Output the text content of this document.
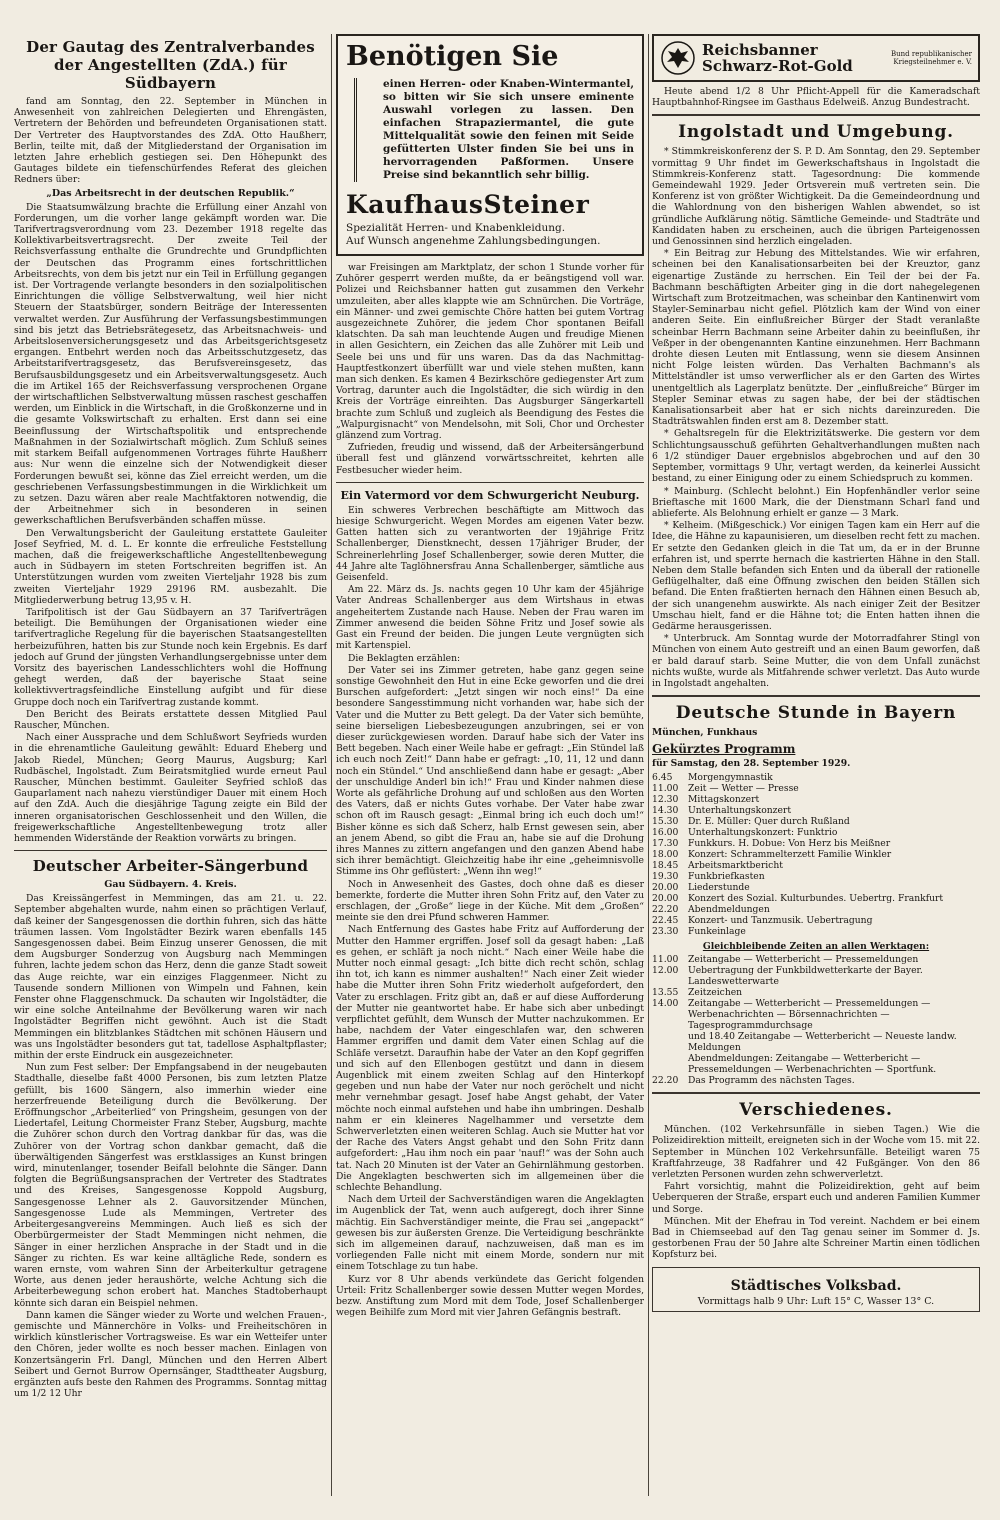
Der Gautag des Zentralverbandes der Angestellten (ZdA.) für Südbayern

fand am Sonntag, den 22. September in München in Anwesenheit von zahlreichen Delegierten und Ehrengästen, Vertretern der Behörden und befreundeten Organisationen statt. Der Vertreter des Hauptvorstandes des ZdA. Otto Haußherr, Berlin, teilte mit, daß der Mitgliederstand der Organisation im letzten Jahre erheblich gestiegen sei. Den Höhepunkt des Gautages bildete ein tiefenschürfendes Referat des gleichen Redners über:

„Das Arbeitsrecht in der deutschen Republik.“

Die Staatsumwälzung brachte die Erfüllung einer Anzahl von Forderungen, um die vorher lange gekämpft worden war. Die Tarifvertragsverordnung vom 23. Dezember 1918 regelte das Kollektivarbeitsvertragsrecht. Der zweite Teil der Reichsverfassung enthalte die Grundrechte und Grundpflichten der Deutschen das Programm eines fortschrittlichen Arbeitsrechts, von dem bis jetzt nur ein Teil in Erfüllung gegangen ist. Der Vortragende verlangte besonders in den sozialpolitischen Einrichtungen die völlige Selbstverwaltung, weil hier nicht Steuern der Staatsbürger, sondern Beiträge der Interessenten verwaltet werden. Zur Ausführung der Verfassungsbestimmungen sind bis jetzt das Betriebsrätegesetz, das Arbeitsnachweis- und Arbeitslosenversicherungsgesetz und das Arbeitsgerichtsgesetz ergangen. Entbehrt werden noch das Arbeitsschutzgesetz, das Arbeitstarifvertragsgesetz, das Berufsvereinsgesetz, das Berufsausbildungsgesetz und ein Arbeitsverwaltungsgesetz. Auch die im Artikel 165 der Reichsverfassung versprochenen Organe der wirtschaftlichen Selbstverwaltung müssen raschest geschaffen werden, um Einblick in die Wirtschaft, in die Großkonzerne und in die gesamte Volkswirtschaft zu erhalten. Erst dann sei eine Beeinflussung der Wirtschaftspolitik und entsprechende Maßnahmen in der Sozialwirtschaft möglich. Zum Schluß seines mit starkem Beifall aufgenommenen Vortrages führte Haußherr aus: Nur wenn die einzelne sich der Notwendigkeit dieser Forderungen bewußt sei, könne das Ziel erreicht werden, um die geschriebenen Verfassungsbestimmungen in die Wirklichkeit um zu setzen. Dazu wären aber reale Machtfaktoren notwendig, die der Arbeitnehmer sich in besonderen in seinen gewerkschaftlichen Berufsverbänden schaffen müsse.

Den Verwaltungsbericht der Gauleitung erstattete Gauleiter Josef Seyfried, M. d. L. Er konnte die erfreuliche Feststellung machen, daß die freigewerkschaftliche Angestelltenbewegung auch in Südbayern im steten Fortschreiten begriffen ist. An Unterstützungen wurden vom zweiten Vierteljahr 1928 bis zum zweiten Vierteljahr 1929 29196 RM. ausbezahlt. Die Mitgliederwerbung betrug 13,95 v. H.

Tarifpolitisch ist der Gau Südbayern an 37 Tarifverträgen beteiligt. Die Bemühungen der Organisationen wieder eine tarifvertragliche Regelung für die bayerischen Staatsangestellten herbeizuführen, hatten bis zur Stunde noch kein Ergebnis. Es darf jedoch auf Grund der jüngsten Verhandlungsergebnisse unter dem Vorsitz des bayerischen Landesschlichters wohl die Hoffnung gehegt werden, daß der bayerische Staat seine kollektivvertragsfeindliche Einstellung aufgibt und für diese Gruppe doch noch ein Tarifvertrag zustande kommt.

Den Bericht des Beirats erstattete dessen Mitglied Paul Rauscher, München.

Nach einer Aussprache und dem Schlußwort Seyfrieds wurden in die ehrenamtliche Gauleitung gewählt: Eduard Eheberg und Jakob Riedel, München; Georg Maurus, Augsburg; Karl Rudbäschel, Ingolstadt. Zum Beiratsmitglied wurde erneut Paul Rauscher, München bestimmt. Gauleiter Seyfried schloß das Gauparlament nach nahezu vierstündiger Dauer mit einem Hoch auf den ZdA. Auch die diesjährige Tagung zeigte ein Bild der inneren organisatorischen Geschlossenheit und den Willen, die freigewerkschaftliche Angestelltenbewegung trotz aller hemmenden Widerstände der Reaktion vorwärts zu bringen.

Deutscher Arbeiter-Sängerbund
Gau Südbayern. 4. Kreis.

Das Kreissängerfest in Memmingen, das am 21. u. 22. September abgehalten wurde, nahm einen so prächtigen Verlauf, daß keiner der Sangesgenossen die dorthin fuhren, sich das hätte träumen lassen. Vom Ingolstädter Bezirk waren ebenfalls 145 Sangesgenossen dabei. Beim Einzug unserer Genossen, die mit dem Augsburger Sonderzug von Augsburg nach Memmingen fuhren, lachte jedem schon das Herz, denn die ganze Stadt soweit das Auge reichte, war ein einziges Flaggenmeer. Nicht zu Tausende sondern Millionen von Wimpeln und Fahnen, kein Fenster ohne Flaggenschmuck. Da schauten wir Ingolstädter, die wir eine solche Anteilnahme der Bevölkerung waren wir nach Ingolstädter Begriffen nicht gewöhnt. Auch ist die Stadt Memmingen ein blitzblankes Städtchen mit schönen Häusern und was uns Ingolstädter besonders gut tat, tadellose Asphaltpflaster; mithin der erste Eindruck ein ausgezeichneter.

Nun zum Fest selber: Der Empfangsabend in der neugebauten Stadthalle, dieselbe faßt 4000 Personen, bis zum letzten Platze gefüllt, bis 1600 Sängern, also immerhin wieder eine herzerfreuende Beteiligung durch die Bevölkerung. Der Eröffnungschor „Arbeiterlied“ von Pringsheim, gesungen von der Liedertafel, Leitung Chormeister Franz Steber, Augsburg, machte die Zuhörer schon durch den Vortrag dankbar für das, was die Zuhörer von der Vortrag schon dankbar gemacht, daß die überwältigenden Sängerfest was erstklassiges an Kunst bringen wird, minutenlanger, tosender Beifall belohnte die Sänger. Dann folgten die Begrüßungsansprachen der Vertreter des Stadtrates und des Kreises, Sangesgenosse Koppold Augsburg, Sangesgenosse Lehner als 2. Gauvorsitzender München, Sangesgenosse Lude als Memmingen, Vertreter des Arbeitergesangvereins Memmingen. Auch ließ es sich der Oberbürgermeister der Stadt Memmingen nicht nehmen, die Sänger in einer herzlichen Ansprache in der Stadt und in die Sänger zu richten. Es war keine alltägliche Rede, sondern es waren ernste, vom wahren Sinn der Arbeiterkultur getragene Worte, aus denen jeder heraushörte, welche Achtung sich die Arbeiterbewegung schon erobert hat. Manches Stadtoberhaupt könnte sich daran ein Beispiel nehmen.

Dann kamen die Sänger wieder zu Worte und welchen Frauen-, gemischte und Männerchöre in Volks- und Freiheitschören in wirklich künstlerischer Vortragsweise. Es war ein Wetteifer unter den Chören, jeder wollte es noch besser machen. Einlagen von Konzertsängerin Frl. Dangl, München und den Herren Albert Seibert und Gernot Burrow Opernsänger, Stadttheater Augsburg, ergänzten aufs beste den Rahmen des Programms. Sonntag mittag um 1/2 12 Uhr

Benötigen Sie
einen Herren- oder Knaben-Wintermantel, so bitten wir Sie sich unsere eminente Auswahl vorlegen zu lassen. Den einfachen Strapaziermantel, die gute Mittelqualität sowie den feinen mit Seide gefütterten Ulster finden Sie bei uns in hervorragenden Paßformen. Unsere Preise sind bekanntlich sehr billig.
KaufhausSteiner
Spezialität Herren- und Knabenkleidung.
Auf Wunsch angenehme Zahlungsbedingungen.

war Freisingen am Marktplatz, der schon 1 Stunde vorher für Zuhörer gesperrt werden mußte, da er beängstigend voll war. Polizei und Reichsbanner hatten gut zusammen den Verkehr umzuleiten, aber alles klappte wie am Schnürchen. Die Vorträge, ein Männer- und zwei gemischte Chöre hatten bei gutem Vortrag ausgezeichnete Zuhörer, die jedem Chor spontanen Beifall klatschten. Da sah man leuchtende Augen und freudige Mienen in allen Gesichtern, ein Zeichen das alle Zuhörer mit Leib und Seele bei uns und für uns waren. Das da das Nachmittag-Hauptfestkonzert überfüllt war und viele stehen mußten, kann man sich denken. Es kamen 4 Bezirkschöre gediegenster Art zum Vortrag, darunter auch die Ingolstädter, die sich würdig in den Kreis der Vorträge einreihten. Das Augsburger Sängerkartell brachte zum Schluß und zugleich als Beendigung des Festes die „Walpurgisnacht“ von Mendelsohn, mit Soli, Chor und Orchester glänzend zum Vortrag.

Zufrieden, freudig und wissend, daß der Arbeitersängerbund überall fest und glänzend vorwärtsschreitet, kehrten alle Festbesucher wieder heim.

Ein Vatermord vor dem Schwurgericht Neuburg.

Ein schweres Verbrechen beschäftigte am Mittwoch das hiesige Schwurgericht. Wegen Mordes am eigenen Vater bezw. Gatten hatten sich zu verantworten der 19jährige Fritz Schallenberger, Dienstknecht, dessen 17jähriger Bruder, der Schreinerlehrling Josef Schallenberger, sowie deren Mutter, die 44 Jahre alte Taglöhnersfrau Anna Schallenberger, sämtliche aus Geisenfeld.

Am 22. März ds. Js. nachts gegen 10 Uhr kam der 45jährige Vater Andreas Schallenberger aus dem Wirtshaus in etwas angeheitertem Zustande nach Hause. Neben der Frau waren im Zimmer anwesend die beiden Söhne Fritz und Josef sowie als Gast ein Freund der beiden. Die jungen Leute vergnügten sich mit Kartenspiel.

Die Beklagten erzählen:

Der Vater sei ins Zimmer getreten, habe ganz gegen seine sonstige Gewohnheit den Hut in eine Ecke geworfen und die drei Burschen aufgefordert: „Jetzt singen wir noch eins!“ Da eine besondere Sangesstimmung nicht vorhanden war, habe sich der Vater und die Mutter zu Bett gelegt. Da der Vater sich bemühte, seine bierseligen Liebesbezeugungen anzubringen, sei er von dieser zurückgewiesen worden. Darauf habe sich der Vater ins Bett begeben. Nach einer Weile habe er gefragt: „Ein Stündel laß ich euch noch Zeit!“ Dann habe er gefragt: „10, 11, 12 und dann noch ein Stündel.“ Und anschließend dann habe er gesagt: „Aber der unschuldige Anderl bin ich!“ Frau und Kinder nahmen diese Worte als gefährliche Drohung auf und schloßen aus den Worten des Vaters, daß er nichts Gutes vorhabe. Der Vater habe zwar schon oft im Rausch gesagt: „Einmal bring ich euch doch um!“ Bisher könne es sich daß Scherz, halb Ernst gewesen sein, aber an jenem Abend, so gibt die Frau an, habe sie auf die Drohung ihres Mannes zu zittern angefangen und den ganzen Abend habe sich ihrer bemächtigt. Gleichzeitig habe ihr eine „geheimnisvolle Stimme ins Ohr geflüstert: „Wenn ihn weg!“

Noch in Anwesenheit des Gastes, doch ohne daß es dieser bemerkte, forderte die Mutter ihren Sohn Fritz auf, den Vater zu erschlagen, der „Große“ liege in der Küche. Mit dem „Großen“ meinte sie den drei Pfund schweren Hammer.

Nach Entfernung des Gastes habe Fritz auf Aufforderung der Mutter den Hammer ergriffen. Josef soll da gesagt haben: „Laß es gehen, er schläft ja noch nicht.“ Nach einer Weile habe die Mutter noch einmal gesagt: „Ich bitte dich recht schön, schlag ihn tot, ich kann es nimmer aushalten!“ Nach einer Zeit wieder habe die Mutter ihren Sohn Fritz wiederholt aufgefordert, den Vater zu erschlagen. Fritz gibt an, daß er auf diese Aufforderung der Mutter nie geantwortet habe. Er habe sich aber unbedingt verpflichtet gefühlt, dem Wunsch der Mutter nachzukommen. Er habe, nachdem der Vater eingeschlafen war, den schweren Hammer ergriffen und damit dem Vater einen Schlag auf die Schläfe versetzt. Daraufhin habe der Vater an den Kopf gegriffen und sich auf den Ellenbogen gestützt und dann in diesem Augenblick mit einem zweiten Schlag auf den Hinterkopf gegeben und nun habe der Vater nur noch geröchelt und nicht mehr vernehmbar gesagt. Josef habe Angst gehabt, der Vater möchte noch einmal aufstehen und habe ihn umbringen. Deshalb nahm er ein kleineres Nagelhammer und versetzte dem Schwerverletzten einen weiteren Schlag. Auch sie Mutter hat vor der Rache des Vaters Angst gehabt und den Sohn Fritz dann aufgefordert: „Hau ihm noch ein paar 'nauf!“ was der Sohn auch tat. Nach 20 Minuten ist der Vater an Gehirnlähmung gestorben. Die Angeklagten beschwerten sich im allgemeinen über die schlechte Behandlung.

Nach dem Urteil der Sachverständigen waren die Angeklagten im Augenblick der Tat, wenn auch aufgeregt, doch ihrer Sinne mächtig. Ein Sachverständiger meinte, die Frau sei „angepackt“ gewesen bis zur äußersten Grenze. Die Verteidigung beschränkte sich im allgemeinen darauf, nachzuweisen, daß man es im vorliegenden Falle nicht mit einem Morde, sondern nur mit einem Totschlage zu tun habe.

Kurz vor 8 Uhr abends verkündete das Gericht folgenden Urteil: Fritz Schallenberger sowie dessen Mutter wegen Mordes, bezw. Anstiftung zum Mord mit dem Tode, Josef Schallenberger wegen Beihilfe zum Mord mit vier Jahren Gefängnis bestraft.

Reichsbanner
Schwarz-Rot-Gold
Bund republikanischer Kriegsteilnehmer e. V.

Heute abend 1/2 8 Uhr Pflicht-Appell für die Kameradschaft Hauptbahnhof-Ringsee im Gasthaus Edelweiß. Anzug Bundestracht.

Ingolstadt und Umgebung.

* Stimmkreiskonferenz der S. P. D. Am Sonntag, den 29. September vormittag 9 Uhr findet im Gewerkschaftshaus in Ingolstadt die Stimmkreis-Konferenz statt. Tagesordnung: Die kommende Gemeindewahl 1929. Jeder Ortsverein muß vertreten sein. Die Konferenz ist von größter Wichtigkeit. Da die Gemeindeordnung und die Wahlordnung von den bisherigen Wahlen abwendet, so ist gründliche Aufklärung nötig. Sämtliche Gemeinde- und Stadträte und Kandidaten haben zu erscheinen, auch die übrigen Parteigenossen und Genossinnen sind herzlich eingeladen.

* Ein Beitrag zur Hebung des Mittelstandes. Wie wir erfahren, scheinen bei den Kanalisationsarbeiten bei der Kreuztor, ganz eigenartige Zustände zu herrschen. Ein Teil der bei der Fa. Bachmann beschäftigten Arbeiter ging in die dort nahegelegenen Wirtschaft zum Brotzeitmachen, was scheinbar den Kantinenwirt vom Stayler-Seminarbau nicht gefiel. Plötzlich kam der Wind von einer anderen Seite. Ein einflußreicher Bürger der Stadt veranlaßte scheinbar Herrn Bachmann seine Arbeiter dahin zu beeinflußen, ihr Veßper in der obengenannten Kantine einzunehmen. Herr Bachmann drohte diesen Leuten mit Entlassung, wenn sie diesem Ansinnen nicht Folge leisten würden. Das Verhalten Bachmann's als Mittelständler ist umso verwerflicher als er den Garten des Wirtes unentgeltlich als Lagerplatz benützte. Der „einflußreiche“ Bürger im Stepler Seminar etwas zu sagen habe, der bei der städtischen Kanalisationsarbeit aber hat er sich nichts dareinzureden. Die Stadträtswahlen finden erst am 8. Dezember statt.

* Gehaltsregeln für die Elektrizitätswerke. Die gestern vor dem Schlichtungsausschuß geführten Gehaltverhandlungen mußten nach 6 1/2 stündiger Dauer ergebnislos abgebrochen und auf den 30 September, vormittags 9 Uhr, vertagt werden, da keinerlei Aussicht bestand, zu einer Einigung oder zu einem Schiedspruch zu kommen.

* Mainburg. (Schlecht belohnt.) Ein Hopfenhändler verlor seine Brieftasche mit 1600 Mark, die der Dienstmann Scharl fand und ablieferte. Als Belohnung erhielt er ganze — 3 Mark.

* Kelheim. (Mißgeschick.) Vor einigen Tagen kam ein Herr auf die Idee, die Hähne zu kapaunisieren, um dieselben recht fett zu machen. Er setzte den Gedanken gleich in die Tat um, da er in der Brunne erfahren ist, und sperrte hernach die kastrierten Hähne in den Stall. Neben dem Stalle befanden sich Enten und da überall der rationelle Geflügelhalter, daß eine Öffnung zwischen den beiden Ställen sich befand. Die Enten fraßtierten hernach den Hähnen einen Besuch ab, der sich unangenehm auswirkte. Als nach einiger Zeit der Besitzer Umschau hielt, fand er die Hähne tot; die Enten hatten ihnen die Gedärme herausgerissen.

* Unterbruck. Am Sonntag wurde der Motorradfahrer Stingl von München von einem Auto gestreift und an einen Baum geworfen, daß er bald darauf starb. Seine Mutter, die von dem Unfall zunächst nichts wußte, wurde als Mitfahrende schwer verletzt. Das Auto wurde in Ingolstadt angehalten.

Deutsche Stunde in Bayern
München, Funkhaus
Gekürztes Programm
für Samstag, den 28. September 1929.
6.45	Morgengymnastik
11.00	Zeit — Wetter — Presse
12.30	Mittagskonzert
14.30	Unterhaltungskonzert
15.30	Dr. E. Müller: Quer durch Rußland
16.00	Unterhaltungskonzert: Funktrio
17.30	Funkkurs. H. Dobue: Von Herz bis Meißner
18.00	Konzert: Schrammelterzett Familie Winkler
18.45	Arbeitsmarktbericht
19.30	Funkbriefkasten
20.00	Liederstunde
20.00	Konzert des Sozial. Kulturbundes. Uebertrg. Frankfurt
22.20	Abendmeldungen
22.45	Konzert- und Tanzmusik. Uebertragung
23.30	Funkeinlage
Gleichbleibende Zeiten an allen Werktagen:
11.00	Zeitangabe — Wetterbericht — Pressemeldungen
12.00	Uebertragung der Funkbildwetterkarte der Bayer. Landeswetterwarte
13.55	Zeitzeichen
14.00	Zeitangabe — Wetterbericht — Pressemeldungen — Werbenachrichten — Börsennachrichten — Tagesprogrammdurchsage
	und 18.40 Zeitangabe — Wetterbericht — Neueste landw. Meldungen
	Abendmeldungen: Zeitangabe — Wetterbericht — Pressemeldungen — Werbenachrichten — Sportfunk.
22.20	Das Programm des nächsten Tages.
Verschiedenes.

München. (102 Verkehrsunfälle in sieben Tagen.) Wie die Polizeidirektion mitteilt, ereigneten sich in der Woche vom 15. mit 22. September in München 102 Verkehrsunfälle. Beteiligt waren 75 Kraftfahrzeuge, 38 Radfahrer und 42 Fußgänger. Von den 86 verletzten Personen wurden zehn schwerverletzt.

Fahrt vorsichtig, mahnt die Polizeidirektion, geht auf beim Ueberqueren der Straße, erspart euch und anderen Familien Kummer und Sorge.

München. Mit der Ehefrau in Tod vereint. Nachdem er bei einem Bad in Chiemseebad auf den Tag genau seiner im Sommer d. Js. gestorbenen Frau der 50 Jahre alte Schreiner Martin einen tödlichen Kopfsturz bei.

Städtisches Volksbad.
Vormittags halb 9 Uhr: Luft 15° C, Wasser 13° C.
